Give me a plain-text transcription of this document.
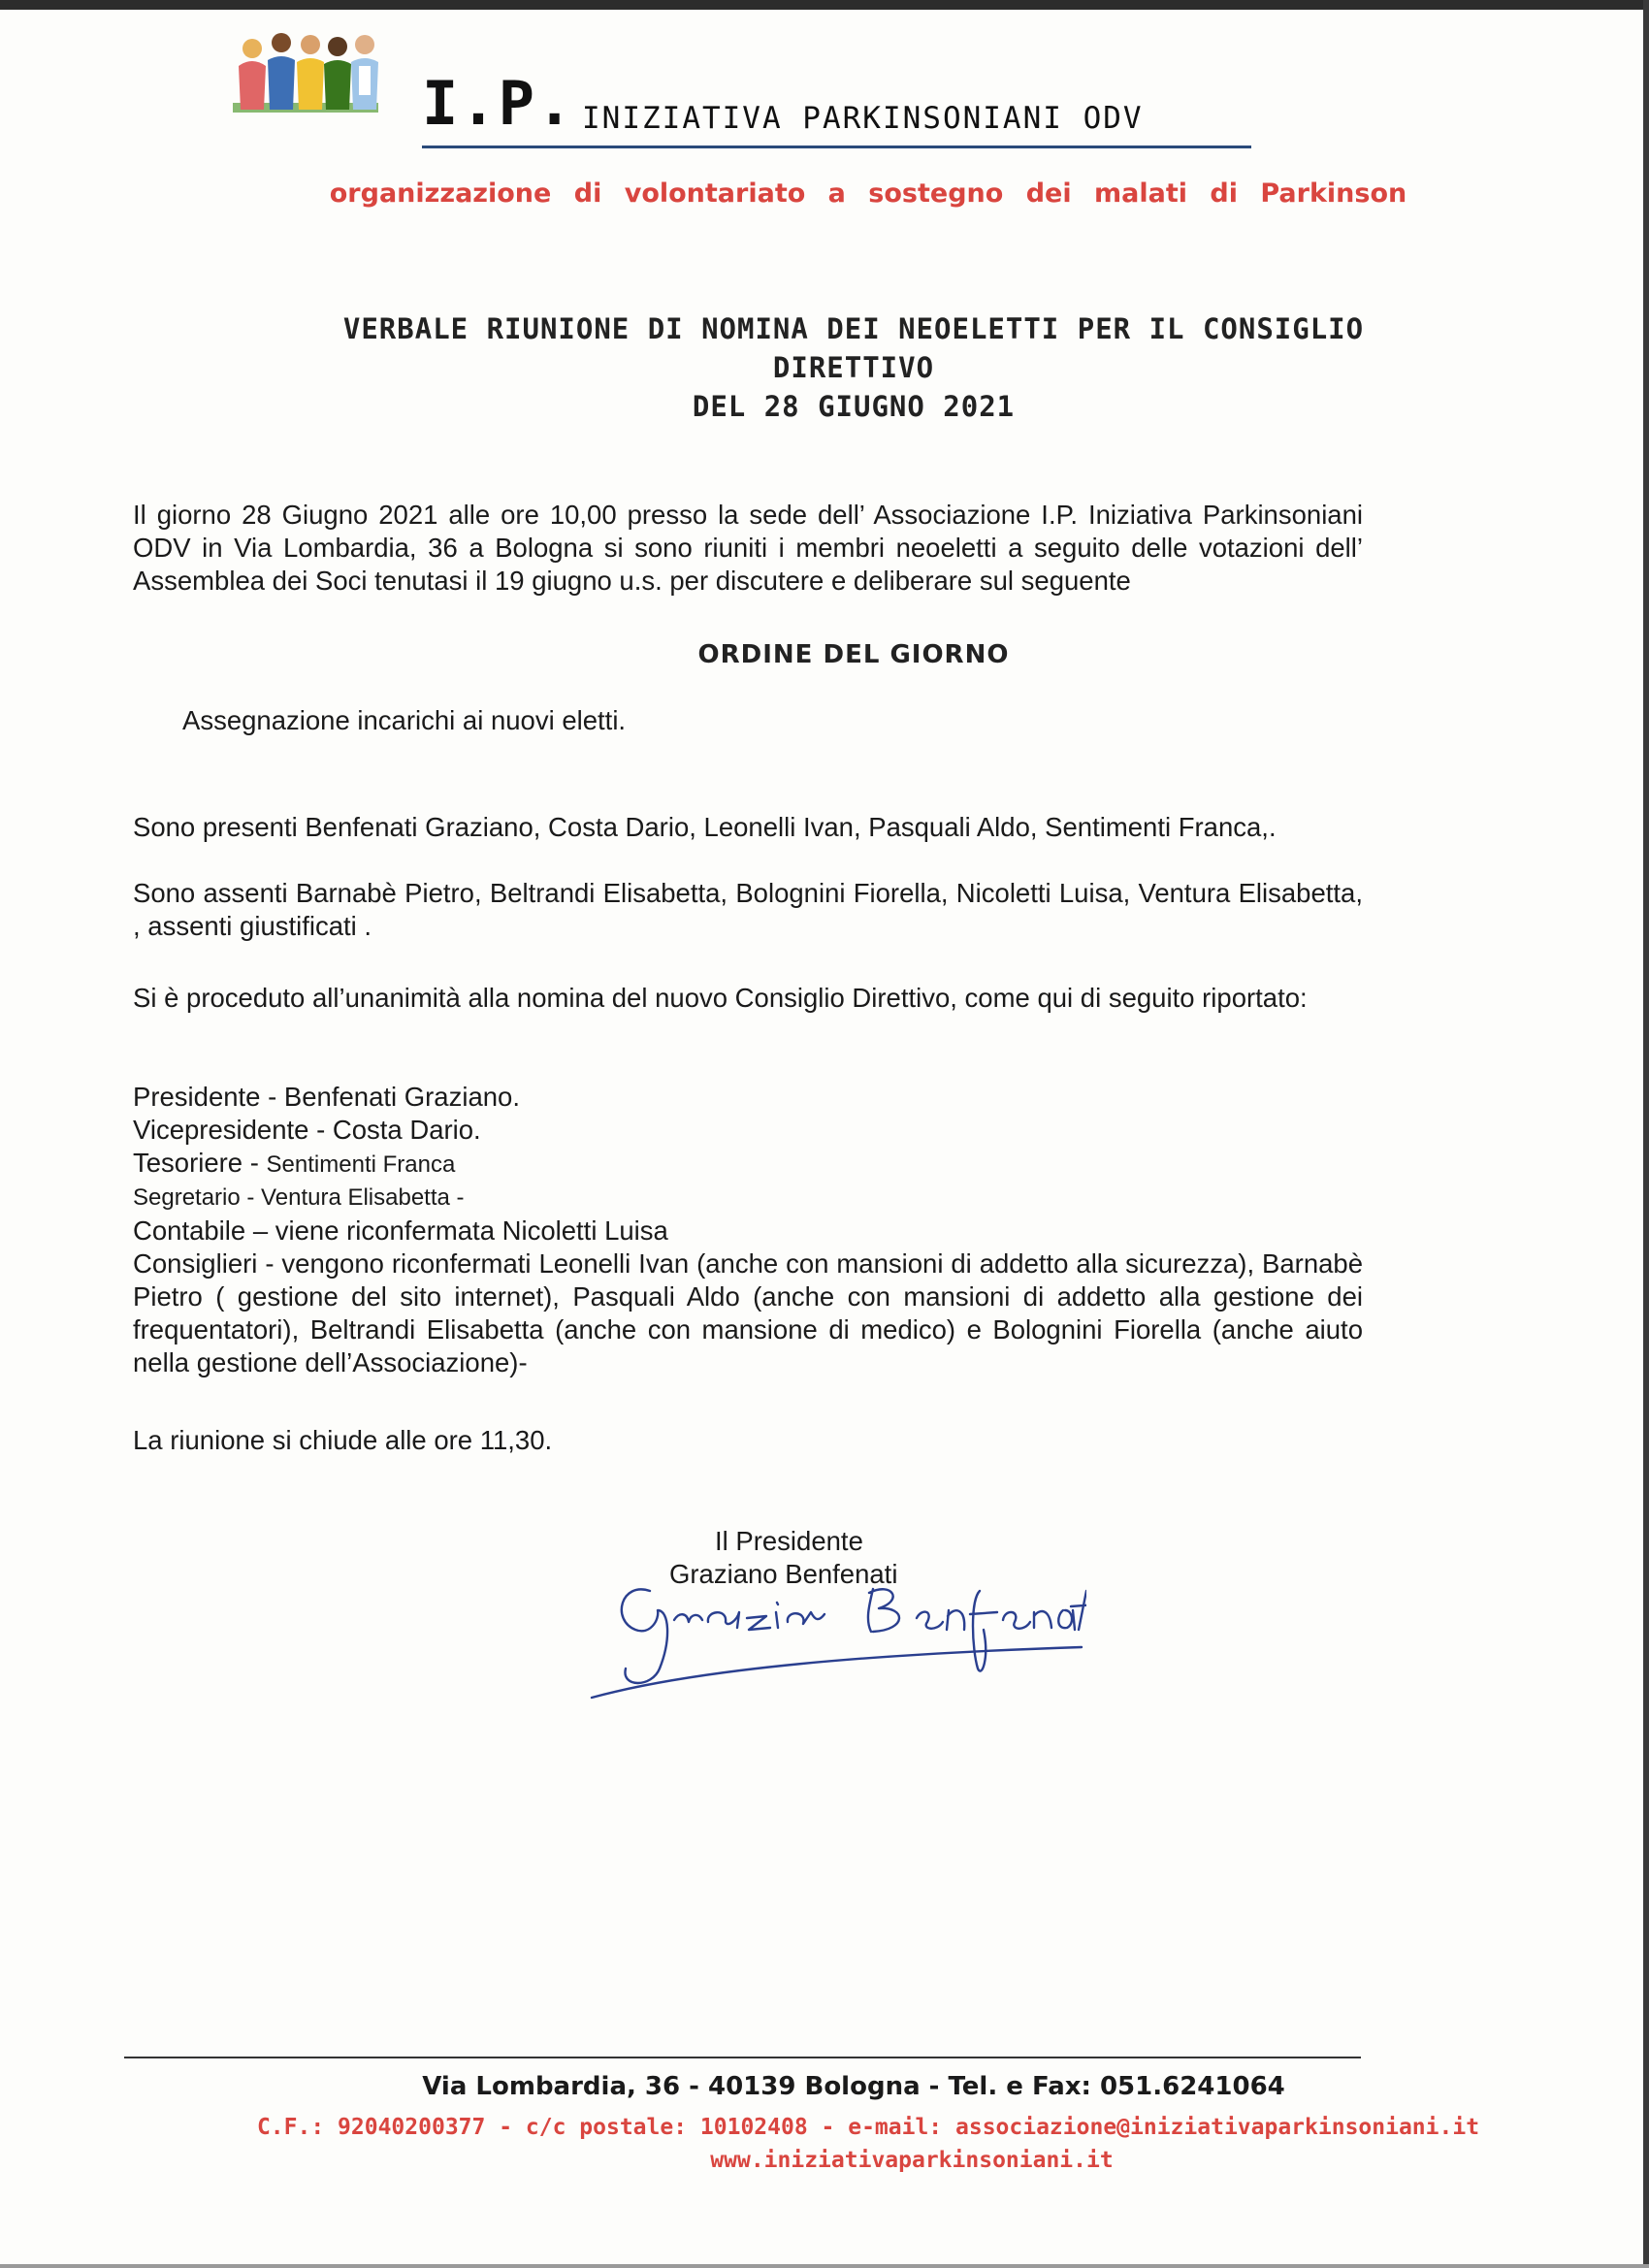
I.P. INIZIATIVA PARKINSONIANI ODV
organizzazione di volontariato a sostegno dei malati di Parkinson
VERBALE RIUNIONE DI NOMINA DEI NEOELETTI PER IL CONSIGLIO
DIRETTIVO
DEL 28 GIUGNO 2021
Il giorno 28 Giugno 2021 alle ore 10,00 presso la sede dell’ Associazione I.P. Iniziativa Parkinsoniani ODV in Via Lombardia, 36 a Bologna si sono riuniti i membri neoeletti a seguito delle votazioni dell’ Assemblea dei Soci tenutasi il 19 giugno u.s. per discutere e deliberare sul seguente
ORDINE DEL GIORNO
Assegnazione incarichi ai nuovi eletti.
Sono presenti Benfenati Graziano, Costa Dario, Leonelli Ivan, Pasquali Aldo, Sentimenti Franca,.
Sono assenti Barnabè Pietro, Beltrandi Elisabetta, Bolognini Fiorella, Nicoletti Luisa, Ventura Elisabetta, , assenti giustificati .
Si è proceduto all’unanimità alla nomina del nuovo Consiglio Direttivo, come qui di seguito riportato:
Presidente - Benfenati Graziano.
Vicepresidente - Costa Dario.
Tesoriere - Sentimenti Franca
Segretario - Ventura Elisabetta -
Contabile – viene riconfermata Nicoletti Luisa
Consiglieri - vengono riconfermati Leonelli Ivan (anche con mansioni di addetto alla sicurezza), Barnabè Pietro ( gestione del sito internet), Pasquali Aldo (anche con mansioni di addetto alla gestione dei frequentatori), Beltrandi Elisabetta (anche con mansione di medico) e Bolognini Fiorella (anche aiuto nella gestione dell’Associazione)-
La riunione si chiude alle ore 11,30.
Il Presidente
Graziano Benfenati
Via Lombardia, 36 - 40139 Bologna - Tel. e Fax: 051.6241064
C.F.: 92040200377 - c/c postale: 10102408 - e-mail: associazione@iniziativaparkinsoniani.it
www.iniziativaparkinsoniani.it
